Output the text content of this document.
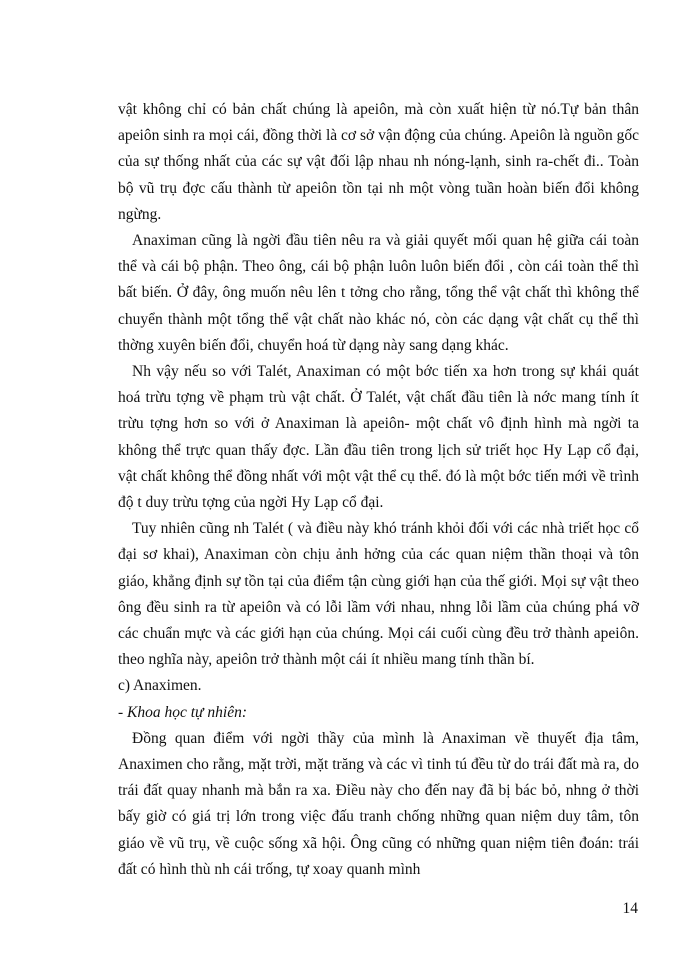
vật không chỉ có bản chất chúng là apeiôn, mà còn xuất hiện từ nó.Tự bản thân apeiôn sinh ra mọi cái, đồng thời là cơ sở vận động của chúng. Apeiôn là nguồn gốc của sự thống nhất của các sự vật đối lập nhau nh nóng-lạnh, sinh ra-chết đi.. Toàn bộ vũ trụ đợc cấu thành từ apeiôn tồn tại nh một vòng tuần hoàn biến đổi không ngừng.

Anaximan cũng là ngời đầu tiên nêu ra và giải quyết mối quan hệ giữa cái toàn thể và cái bộ phận. Theo ông, cái bộ phận luôn luôn biến đổi , còn cái toàn thể thì bất biến. Ở đây, ông muốn nêu lên t tởng cho rằng, tổng thể vật chất thì không thể chuyển thành một tổng thể vật chất nào khác nó, còn các dạng vật chất cụ thể thì thờng xuyên biến đổi, chuyển hoá từ dạng này sang dạng khác.

Nh vậy nếu so với Talét, Anaximan có một bớc tiến xa hơn trong sự khái quát hoá trừu tợng về phạm trù vật chất. Ở Talét, vật chất đầu tiên là nớc mang tính ít trừu tợng hơn so với ở Anaximan là apeiôn- một chất vô định hình mà ngời ta không thể trực quan thấy đợc. Lần đầu tiên trong lịch sử triết học Hy Lạp cổ đại, vật chất không thể đồng nhất với một vật thể cụ thể. đó là một bớc tiến mới về trình độ t duy trừu tợng của ngời Hy Lạp cổ đại.

Tuy nhiên cũng nh Talét ( và điều này khó tránh khỏi đối với các nhà triết học cổ đại sơ khai), Anaximan còn chịu ảnh hởng của các quan niệm thần thoại và tôn giáo, khẳng định sự tồn tại của điểm tận cùng giới hạn của thế giới. Mọi sự vật theo ông đều sinh ra từ apeiôn và có lỗi lầm với nhau, nhng lỗi lầm của chúng phá vỡ các chuẩn mực và các giới hạn của chúng. Mọi cái cuối cùng đều trở thành apeiôn. theo nghĩa này, apeiôn trở thành một cái ít nhiều mang tính thần bí.

c) Anaximen.

- Khoa học tự nhiên:

Đồng quan điểm với ngời thầy của mình là Anaximan về thuyết địa tâm, Anaximen cho rằng, mặt trời, mặt trăng và các vì tinh tú đều từ do trái đất mà ra, do trái đất quay nhanh mà bắn ra xa. Điều này cho đến nay đã bị bác bỏ, nhng ở thời bấy giờ có giá trị lớn trong việc đấu tranh chống những quan niệm duy tâm, tôn giáo về vũ trụ, về cuộc sống xã hội. Ông cũng có những quan niệm tiên đoán: trái đất có hình thù nh cái trống, tự xoay quanh mình

14
